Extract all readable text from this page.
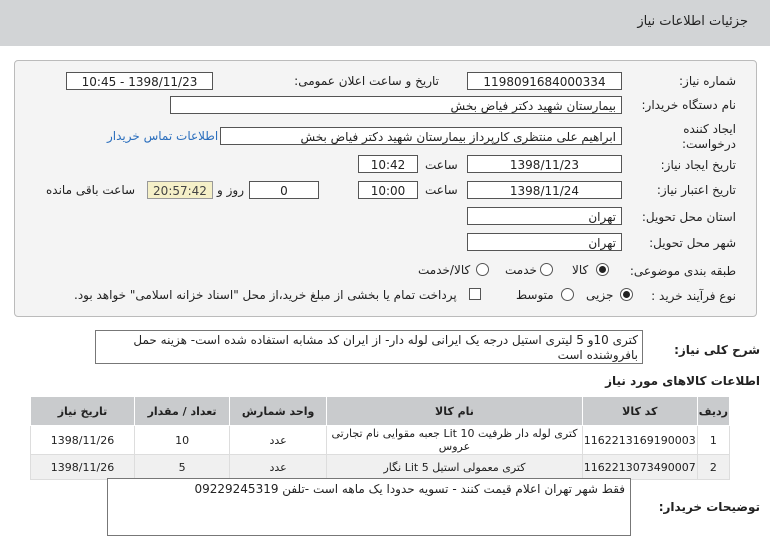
جزئیات اطلاعات نیاز
شماره نیاز:
1198091684000334
تاریخ و ساعت اعلان عمومی:
1398/11/23 - 10:45
نام دستگاه خریدار:
بیمارستان شهید دکتر فیاض بخش
ایجاد کننده درخواست:
ابراهیم علی منتظری کارپرداز بیمارستان شهید دکتر فیاض بخش
اطلاعات تماس خریدار
تاریخ ایجاد نیاز:
1398/11/23
ساعت
10:42
تاریخ اعتبار نیاز:
1398/11/24
ساعت
10:00
0
روز و
20:57:42
ساعت باقی مانده
استان محل تحویل:
تهران
شهر محل تحویل:
تهران
طبقه بندی موضوعی:
کالا
خدمت
کالا/خدمت
نوع فرآیند خرید :
جزیی
متوسط
پرداخت تمام یا بخشی از مبلغ خرید،از محل "اسناد خزانه اسلامی" خواهد بود.
شرح کلی نیاز:
کتری 10و 5 لیتری استیل درجه یک ایرانی لوله دار- از ایران کد مشابه استفاده شده است- هزینه حمل بافروشنده است
اطلاعات کالاهای مورد نیاز
ردیف	کد کالا	نام کالا	واحد شمارش	تعداد / مقدار	تاریخ نیاز
1	1162213169190003	کتری لوله دار ظرفیت Lit 10 جعبه مقوایی نام تجارتی عروس	عدد	10	1398/11/26
2	1162213073490007	کتری معمولی استیل Lit 5 نگار	عدد	5	1398/11/26
توضیحات خریدار:
فقط شهر تهران اعلام قیمت کنند - تسویه حدودا یک ماهه است -تلفن 09229245319
